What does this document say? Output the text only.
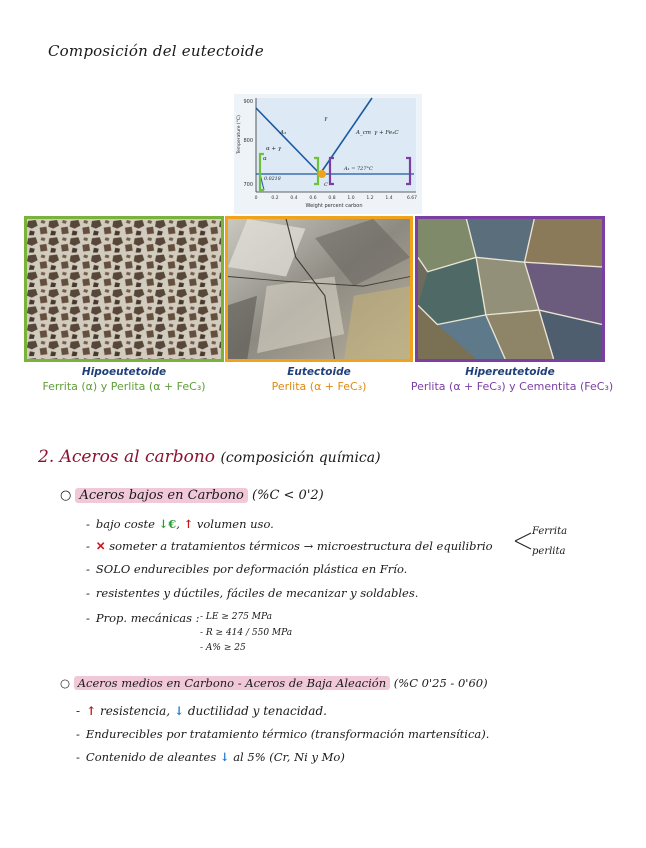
Composición del eutectoide
900
800
700
Temperature (°C)
0	0.2	0.4	0.6	0.8	1.0	1.2	1.4	6.67
Weight percent carbon
γ
A₃	A_cm γ + Fe₃C
α + γ
α
0.0218
A₁ = 727°C
C
Hipoeutetoide
Ferrita (α) y Perlita (α + FeC₃)
Eutectoide
Perlita (α + FeC₃)
Hipereutetoide
Perlita (α + FeC₃) y Cementita (FeC₃)
2. Aceros al carbono (composición química)
○ Aceros bajos en Carbono (%C < 0'2)
- bajo coste ↓€, ↑ volumen uso.
- ✕ someter a tratamientos térmicos → microestructura del equilibrio
Ferrita
perlita
- SOLO endurecibles por deformación plástica en Frío.
- resistentes y dúctiles, fáciles de mecanizar y soldables.
- Prop. mecánicas : - LE ≥ 275 MPa
- R ≥ 414 / 550 MPa
- A% ≥ 25
○ Aceros medios en Carbono - Aceros de Baja Aleación (%C 0'25 - 0'60)
- ↑ resistencia, ↓ ductilidad y tenacidad.
- Endurecibles por tratamiento térmico (transformación martensítica).
- Contenido de aleantes ↓ al 5% (Cr, Ni y Mo)
